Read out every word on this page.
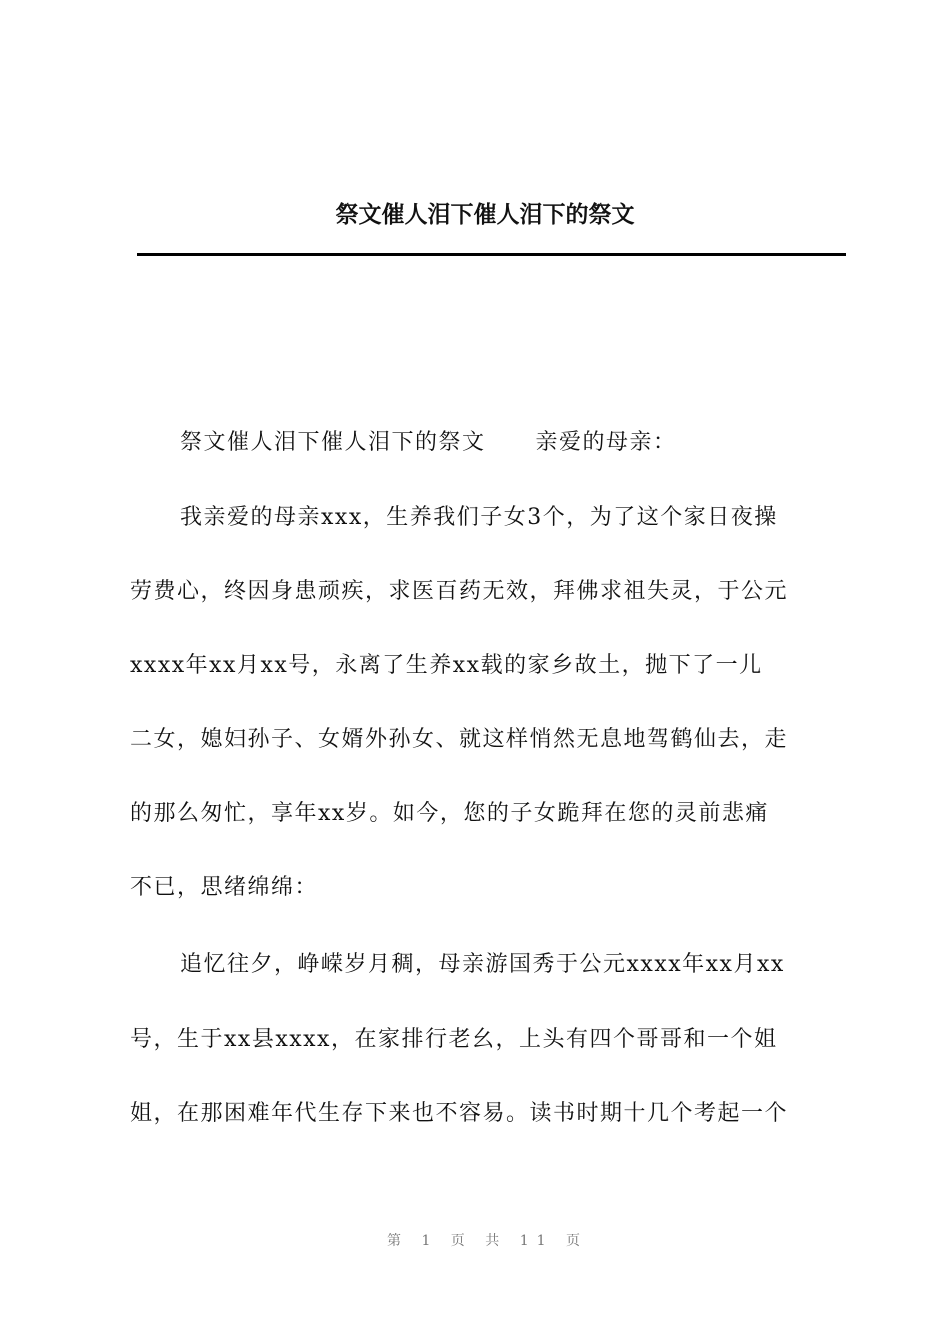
祭文催人泪下催人泪下的祭文
祭文催人泪下催人泪下的祭文 亲爱的母亲：
我亲爱的母亲xxx，生养我们子女3个，为了这个家日夜操
劳费心，终因身患顽疾，求医百药无效，拜佛求祖失灵，于公元
xxxx年xx月xx号，永离了生养xx载的家乡故土，抛下了一儿
二女，媳妇孙子、女婿外孙女、就这样悄然无息地驾鹤仙去，走
的那么匆忙，享年xx岁。如今，您的子女跪拜在您的灵前悲痛
不已，思绪绵绵：
追忆往夕，峥嵘岁月稠，母亲游国秀于公元xxxx年xx月xx
号，生于xx县xxxx，在家排行老幺，上头有四个哥哥和一个姐
姐，在那困难年代生存下来也不容易。读书时期十几个考起一个
第 1 页 共 11 页
